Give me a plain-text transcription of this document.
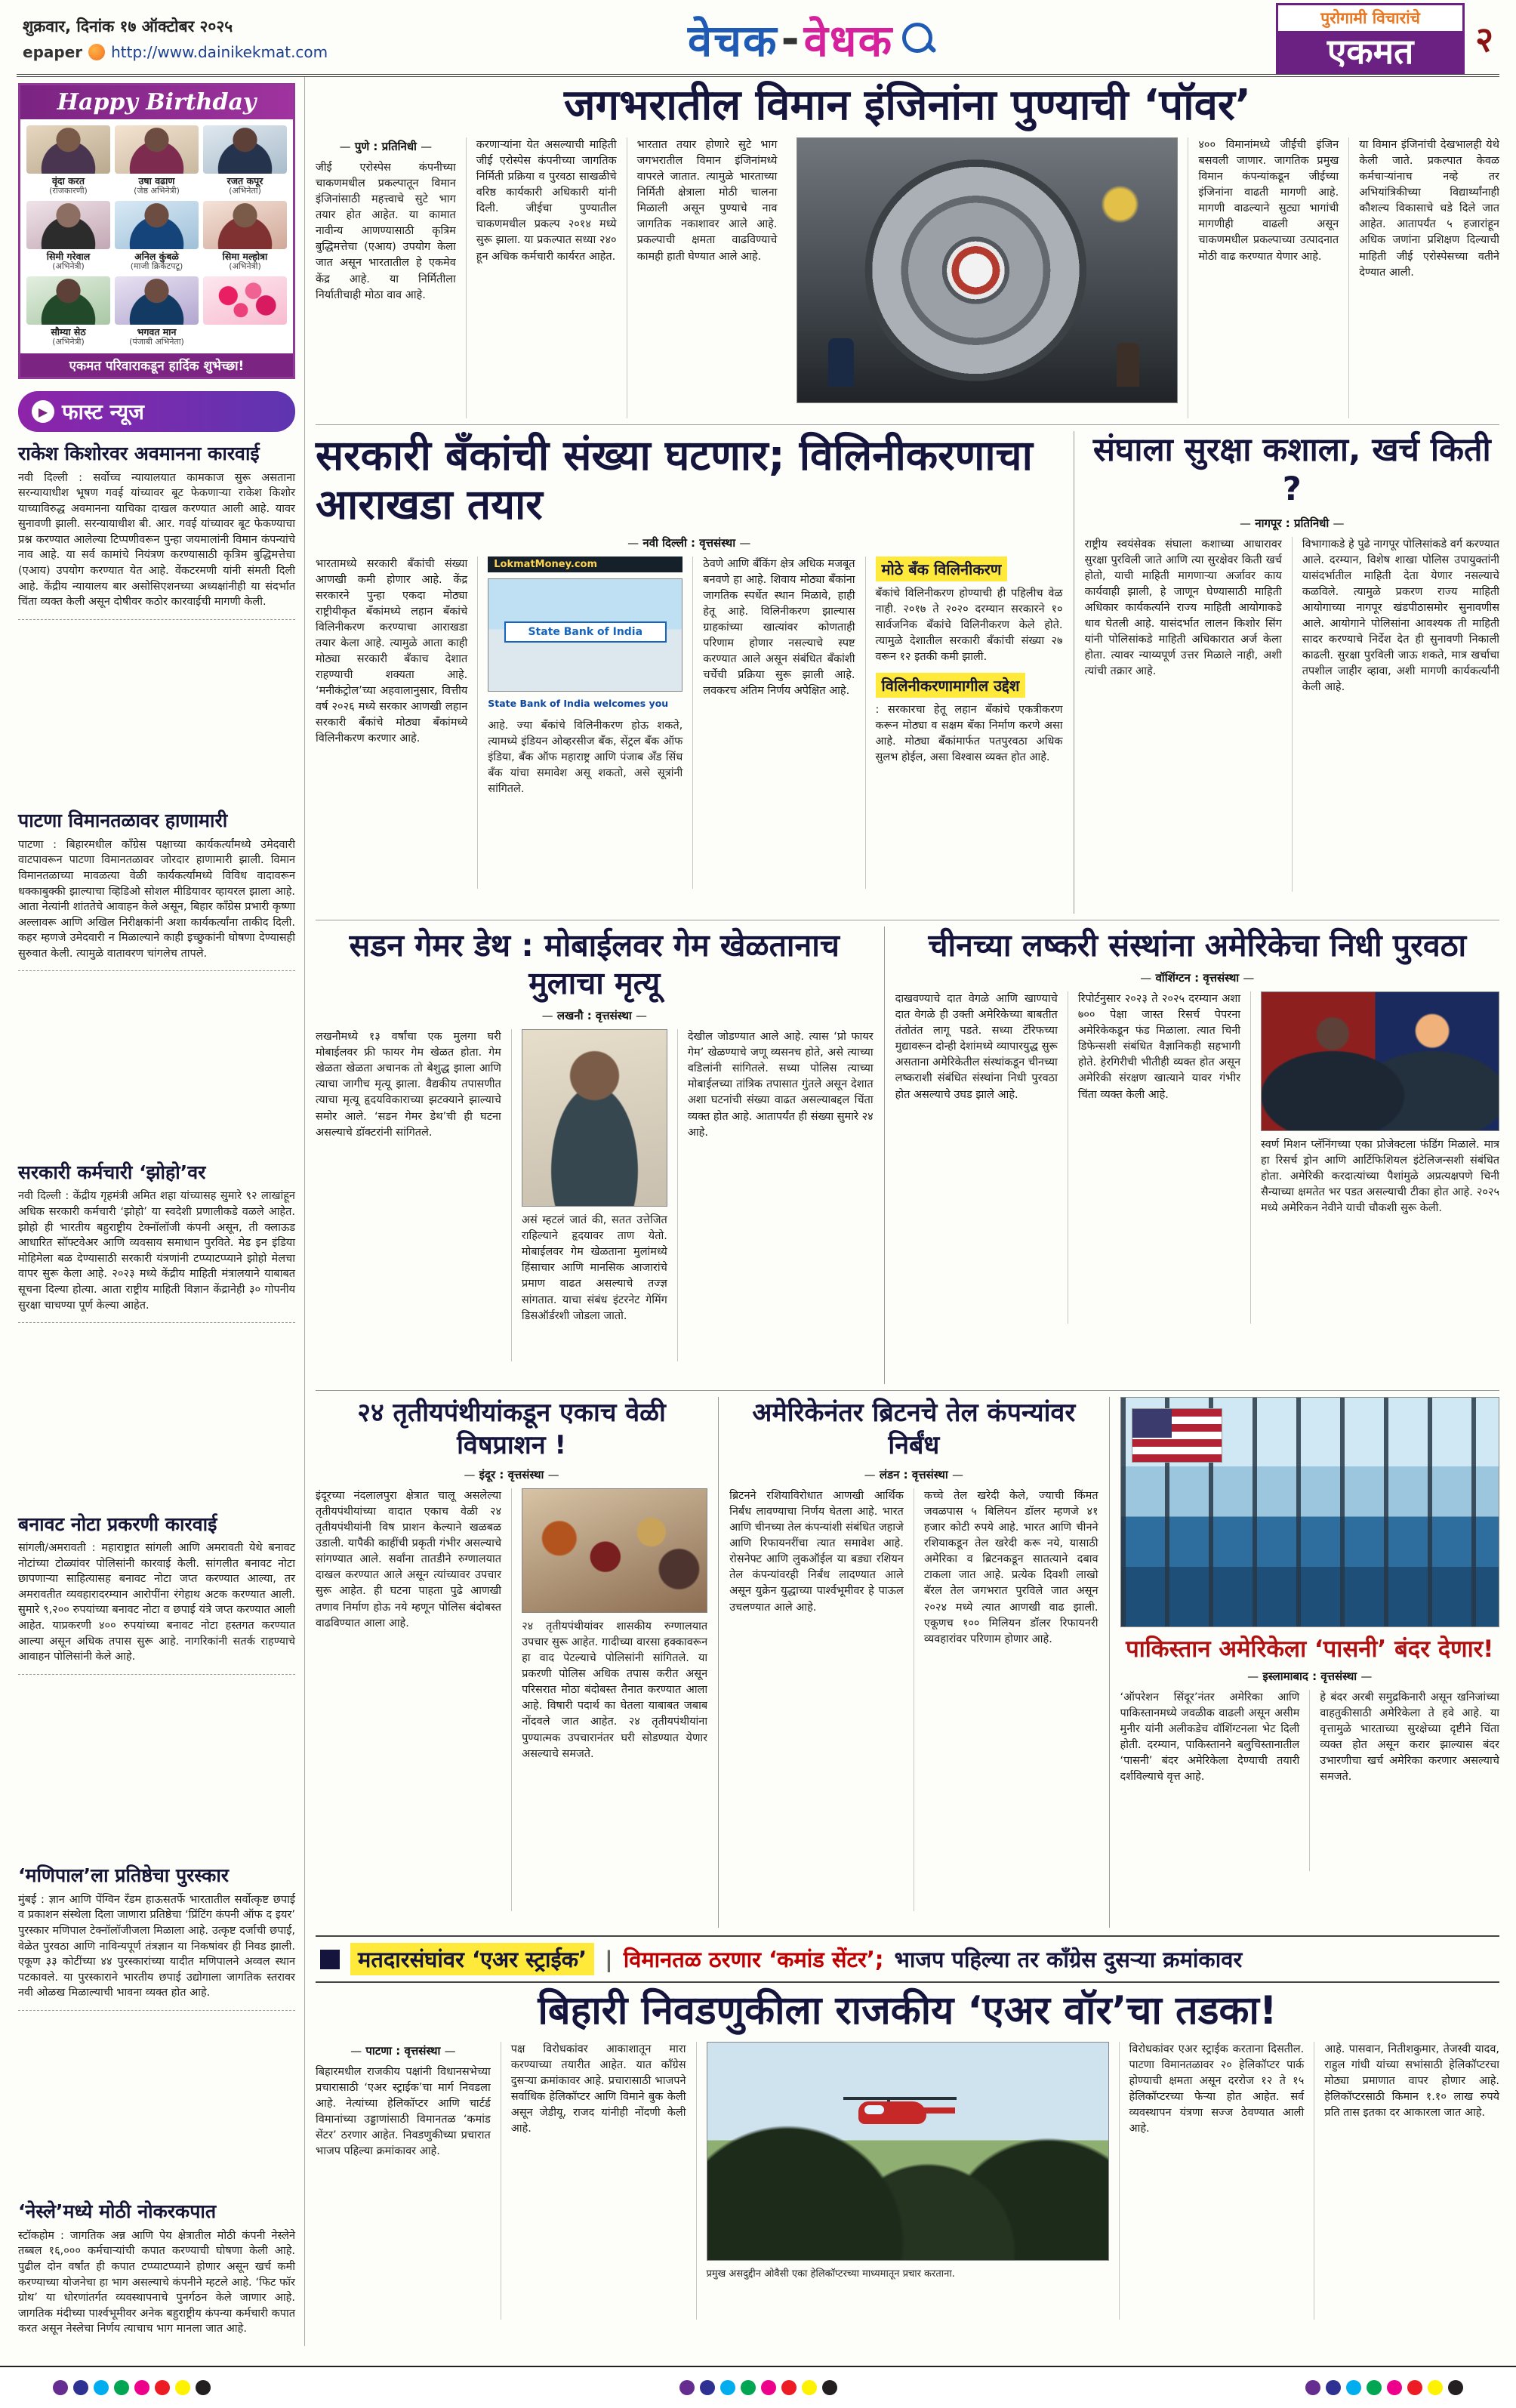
शुक्रवार, दिनांक १७ ऑक्टोबर २०२५
epaper http://www.dainikekmat.com	वेचक - वेधक	पुरोगामी विचारांचे
एकमत	२
Happy Birthday
वृंदा करत
(राजकारणी)
उषा वढाण
(जेष्ठ अभिनेत्री)
रजत कपूर
(अभिनेता)
सिमी गरेवाल
(अभिनेत्री)
अनिल कुंबळे
(माजी क्रिकेटपटू)
सिमा मल्होत्रा
(अभिनेत्री)
सौम्या सेठ
(अभिनेत्री)
भगवत मान
(पंजाबी अभिनेता)
एकमत परिवाराकडून हार्दिक शुभेच्छा!
▶ फास्ट न्यूज
राकेश किशोरवर अवमानना कारवाई

नवी दिल्ली : सर्वोच्च न्यायालयात कामकाज सुरू असताना सरन्यायाधीश भूषण गवई यांच्यावर बूट फेकणाऱ्या राकेश किशोर याच्याविरुद्ध अवमानना याचिका दाखल करण्यात आली आहे. यावर सुनावणी झाली. सरन्यायाधीश बी. आर. गवई यांच्यावर बूट फेकण्याचा प्रश्न करण्यात आलेल्या टिप्पणीवरून पुन्हा जयमालांनी विमान कंपन्यांचे नाव आहे. या सर्व कामांचे नियंत्रण करण्यासाठी कृत्रिम बुद्धिमत्तेचा (एआय) उपयोग करण्यात येत आहे. वेंकटरमणी यांनी संमती दिली आहे. केंद्रीय न्यायालय बार असोसिएशनच्या अध्यक्षांनीही या संदर्भात चिंता व्यक्त केली असून दोषीवर कठोर कारवाईची मागणी केली.

पाटणा विमानतळावर हाणामारी

पाटणा : बिहारमधील काँग्रेस पक्षाच्या कार्यकर्त्यांमध्ये उमेदवारी वाटपावरून पाटणा विमानतळावर जोरदार हाणामारी झाली. विमान विमानतळाच्या मावळत्या वेळी कार्यकर्त्यांमध्ये विविध वादावरून धक्काबुक्की झाल्याचा व्हिडिओ सोशल मीडियावर व्हायरल झाला आहे. आता नेत्यांनी शांततेचे आवाहन केले असून, बिहार काँग्रेस प्रभारी कृष्णा अल्लावरू आणि अखिल निरीक्षकांनी अशा कार्यकर्त्यांना ताकीद दिली. कहर म्हणजे उमेदवारी न मिळाल्याने काही इच्छुकांनी घोषणा देण्यासही सुरुवात केली. त्यामुळे वातावरण चांगलेच तापले.

सरकारी कर्मचारी ‘झोहो’वर

नवी दिल्ली : केंद्रीय गृहमंत्री अमित शहा यांच्यासह सुमारे ९२ लाखांहून अधिक सरकारी कर्मचारी ‘झोहो’ या स्वदेशी प्रणालीकडे वळले आहेत. झोहो ही भारतीय बहुराष्ट्रीय टेक्नॉलॉजी कंपनी असून, ती क्लाऊड आधारित सॉफ्टवेअर आणि व्यवसाय समाधान पुरविते. मेड इन इंडिया मोहिमेला बळ देण्यासाठी सरकारी यंत्रणांनी टप्प्याटप्प्याने झोहो मेलचा वापर सुरू केला आहे. २०२३ मध्ये केंद्रीय माहिती मंत्रालयाने याबाबत सूचना दिल्या होत्या. आता राष्ट्रीय माहिती विज्ञान केंद्रानेही ३० गोपनीय सुरक्षा चाचण्या पूर्ण केल्या आहेत.

बनावट नोटा प्रकरणी कारवाई

सांगली/अमरावती : महाराष्ट्रात सांगली आणि अमरावती येथे बनावट नोटांच्या टोळ्यांवर पोलिसांनी कारवाई केली. सांगलीत बनावट नोटा छापणाऱ्या साहित्यासह बनावट नोटा जप्त करण्यात आल्या, तर अमरावतीत व्यवहारादरम्यान आरोपींना रंगेहाथ अटक करण्यात आली. सुमारे ९,२०० रुपयांच्या बनावट नोटा व छपाई यंत्रे जप्त करण्यात आली आहेत. याप्रकरणी ४०० रुपयांच्या बनावट नोटा हस्तगत करण्यात आल्या असून अधिक तपास सुरू आहे. नागरिकांनी सतर्क राहण्याचे आवाहन पोलिसांनी केले आहे.

‘मणिपाल’ला प्रतिष्ठेचा पुरस्कार

मुंबई : ज्ञान आणि पेंग्विन रँडम हाऊसतर्फे भारतातील सर्वोत्कृष्ट छपाई व प्रकाशन संस्थेला दिला जाणारा प्रतिष्ठेचा ‘प्रिंटिंग कंपनी ऑफ द इयर’ पुरस्कार मणिपाल टेक्नॉलॉजीजला मिळाला आहे. उत्कृष्ट दर्जाची छपाई, वेळेत पुरवठा आणि नाविन्यपूर्ण तंत्रज्ञान या निकषांवर ही निवड झाली. एकूण ३३ कोटींच्या ४४ पुरस्कारांच्या यादीत मणिपालने अव्वल स्थान पटकावले. या पुरस्काराने भारतीय छपाई उद्योगाला जागतिक स्तरावर नवी ओळख मिळाल्याची भावना व्यक्त होत आहे.

‘नेस्ले’मध्ये मोठी नोकरकपात

स्टॉकहोम : जागतिक अन्न आणि पेय क्षेत्रातील मोठी कंपनी नेस्लेने तब्बल १६,००० कर्मचाऱ्यांची कपात करण्याची घोषणा केली आहे. पुढील दोन वर्षांत ही कपात टप्प्याटप्प्याने होणार असून खर्च कमी करण्याच्या योजनेचा हा भाग असल्याचे कंपनीने म्हटले आहे. ‘फिट फॉर ग्रोथ’ या धोरणांतर्गत व्यवस्थापनाचे पुनर्गठन केले जाणार आहे. जागतिक मंदीच्या पार्श्वभूमीवर अनेक बहुराष्ट्रीय कंपन्या कर्मचारी कपात करत असून नेस्लेचा निर्णय त्याचाच भाग मानला जात आहे.

जगभरातील विमान इंजिनांना पुण्याची ‘पॉवर’
— पुणे : प्रतिनिधी —

जीई एरोस्पेस कंपनीच्या चाकणमधील प्रकल्पातून विमान इंजिनांसाठी महत्त्वाचे सुटे भाग तयार होत आहेत. या कामात नावीन्य आणण्यासाठी कृत्रिम बुद्धिमत्तेचा (एआय) उपयोग केला जात असून भारतातील हे एकमेव केंद्र आहे. या निर्मितीला निर्यातीचाही मोठा वाव आहे.

करणाऱ्यांना येत असल्याची माहिती जीई एरोस्पेस कंपनीच्या जागतिक निर्मिती प्रक्रिया व पुरवठा साखळीचे वरिष्ठ कार्यकारी अधिकारी यांनी दिली. जीईचा पुण्यातील चाकणमधील प्रकल्प २०१४ मध्ये सुरू झाला. या प्रकल्पात सध्या २४० हून अधिक कर्मचारी कार्यरत आहेत.

भारतात तयार होणारे सुटे भाग जगभरातील विमान इंजिनांमध्ये वापरले जातात. त्यामुळे भारताच्या निर्मिती क्षेत्राला मोठी चालना मिळाली असून पुण्याचे नाव जागतिक नकाशावर आले आहे. प्रकल्पाची क्षमता वाढविण्याचे कामही हाती घेण्यात आले आहे.

४०० विमानांमध्ये जीईची इंजिन बसवली जाणार. जागतिक प्रमुख विमान कंपन्यांकडून जीईच्या इंजिनांना वाढती मागणी आहे. मागणी वाढल्याने सुट्या भागांची मागणीही वाढली असून चाकणमधील प्रकल्पाच्या उत्पादनात मोठी वाढ करण्यात येणार आहे.

या विमान इंजिनांची देखभालही येथे केली जाते. प्रकल्पात केवळ कर्मचाऱ्यांनाच नव्हे तर अभियांत्रिकीच्या विद्यार्थ्यांनाही कौशल्य विकासाचे धडे दिले जात आहेत. आतापर्यंत ५ हजारांहून अधिक जणांना प्रशिक्षण दिल्याची माहिती जीई एरोस्पेसच्या वतीने देण्यात आली.

सरकारी बँकांची संख्या घटणार; विलिनीकरणाचा आराखडा तयार
— नवी दिल्ली : वृत्तसंस्था —

भारतामध्ये सरकारी बँकांची संख्या आणखी कमी होणार आहे. केंद्र सरकारने पुन्हा एकदा मोठ्या राष्ट्रीयीकृत बँकांमध्ये लहान बँकांचे विलिनीकरण करण्याचा आराखडा तयार केला आहे. त्यामुळे आता काही मोठ्या सरकारी बँकाच देशात राहण्याची शक्यता आहे. ‘मनीकंट्रोल’च्या अहवालानुसार, वित्तीय वर्ष २०२६ मध्ये सरकार आणखी लहान सरकारी बँकांचे मोठ्या बँकांमध्ये विलिनीकरण करणार आहे.

LokmatMoney.com
State Bank of India
State Bank of India welcomes you

आहे. ज्या बँकांचे विलिनीकरण होऊ शकते, त्यामध्ये इंडियन ओव्हरसीज बँक, सेंट्रल बँक ऑफ इंडिया, बँक ऑफ महाराष्ट्र आणि पंजाब अँड सिंध बँक यांचा समावेश असू शकतो, असे सूत्रांनी सांगितले.

ठेवणे आणि बँकिंग क्षेत्र अधिक मजबूत बनवणे हा आहे. शिवाय मोठ्या बँकांना जागतिक स्पर्धेत स्थान मिळावे, हाही हेतू आहे. विलिनीकरण झाल्यास ग्राहकांच्या खात्यांवर कोणताही परिणाम होणार नसल्याचे स्पष्ट करण्यात आले असून संबंधित बँकांशी चर्चेची प्रक्रिया सुरू झाली आहे. लवकरच अंतिम निर्णय अपेक्षित आहे.

मोठे बँक विलिनीकरण

बँकांचे विलिनीकरण होण्याची ही पहिलीच वेळ नाही. २०१७ ते २०२० दरम्यान सरकारने १० सार्वजनिक बँकांचे विलिनीकरण केले होते. त्यामुळे देशातील सरकारी बँकांची संख्या २७ वरून १२ इतकी कमी झाली.

विलिनीकरणामागील उद्देश

: सरकारचा हेतू लहान बँकांचे एकत्रीकरण करून मोठ्या व सक्षम बँका निर्माण करणे असा आहे. मोठ्या बँकांमार्फत पतपुरवठा अधिक सुलभ होईल, असा विश्वास व्यक्त होत आहे.

संघाला सुरक्षा कशाला, खर्च किती ?
— नागपूर : प्रतिनिधी —

राष्ट्रीय स्वयंसेवक संघाला कशाच्या आधारावर सुरक्षा पुरविली जाते आणि त्या सुरक्षेवर किती खर्च होतो, याची माहिती मागणाऱ्या अर्जावर काय कार्यवाही झाली, हे जाणून घेण्यासाठी माहिती अधिकार कार्यकर्त्याने राज्य माहिती आयोगाकडे धाव घेतली आहे. यासंदर्भात लालन किशोर सिंग यांनी पोलिसांकडे माहिती अधिकारात अर्ज केला होता. त्यावर न्याय्यपूर्ण उत्तर मिळाले नाही, अशी त्यांची तक्रार आहे.

विभागाकडे हे पुढे नागपूर पोलिसांकडे वर्ग करण्यात आले. दरम्यान, विशेष शाखा पोलिस उपायुक्तांनी यासंदर्भातील माहिती देता येणार नसल्याचे कळविले. त्यामुळे प्रकरण राज्य माहिती आयोगाच्या नागपूर खंडपीठासमोर सुनावणीस आले. आयोगाने पोलिसांना आवश्यक ती माहिती सादर करण्याचे निर्देश देत ही सुनावणी निकाली काढली. सुरक्षा पुरविली जाऊ शकते, मात्र खर्चाचा तपशील जाहीर व्हावा, अशी मागणी कार्यकर्त्यांनी केली आहे.

सडन गेमर डेथ : मोबाईलवर गेम खेळतानाच मुलाचा मृत्यू
— लखनौ : वृत्तसंस्था —

लखनौमध्ये १३ वर्षांचा एक मुलगा घरी मोबाईलवर फ्री फायर गेम खेळत होता. गेम खेळता खेळता अचानक तो बेशुद्ध झाला आणि त्याचा जागीच मृत्यू झाला. वैद्यकीय तपासणीत त्याचा मृत्यू हृदयविकाराच्या झटक्याने झाल्याचे समोर आले. ‘सडन गेमर डेथ’ची ही घटना असल्याचे डॉक्टरांनी सांगितले.

असं म्हटलं जातं की, सतत उत्तेजित राहिल्याने हृदयावर ताण येतो. मोबाईलवर गेम खेळताना मुलांमध्ये हिंसाचार आणि मानसिक आजारांचे प्रमाण वाढत असल्याचे तज्ज्ञ सांगतात. याचा संबंध इंटरनेट गेमिंग डिसऑर्डरशी जोडला जातो.

देखील जोडण्यात आले आहे. त्यास ‘प्रो फायर गेम’ खेळण्याचे जणू व्यसनच होते, असे त्याच्या वडिलांनी सांगितले. सध्या पोलिस त्याच्या मोबाईलच्या तांत्रिक तपासात गुंतले असून देशात अशा घटनांची संख्या वाढत असल्याबद्दल चिंता व्यक्त होत आहे. आतापर्यंत ही संख्या सुमारे २४ आहे.

चीनच्या लष्करी संस्थांना अमेरिकेचा निधी पुरवठा
— वॉशिंग्टन : वृत्तसंस्था —

दाखवण्याचे दात वेगळे आणि खाण्याचे दात वेगळे ही उक्ती अमेरिकेच्या बाबतीत तंतोतंत लागू पडते. सध्या टॅरिफच्या मुद्यावरून दोन्ही देशांमध्ये व्यापारयुद्ध सुरू असताना अमेरिकेतील संस्थांकडून चीनच्या लष्कराशी संबंधित संस्थांना निधी पुरवठा होत असल्याचे उघड झाले आहे.

रिपोर्टनुसार २०२३ ते २०२५ दरम्यान अशा ७०० पेक्षा जास्त रिसर्च पेपरना अमेरिकेकडून फंड मिळाला. त्यात चिनी डिफेन्सशी संबंधित वैज्ञानिकही सहभागी होते. हेरगिरीची भीतीही व्यक्त होत असून अमेरिकी संरक्षण खात्याने यावर गंभीर चिंता व्यक्त केली आहे.

स्वर्ण मिशन प्लॅनिंगच्या एका प्रोजेक्टला फंडिंग मिळाले. मात्र हा रिसर्च ड्रोन आणि आर्टिफिशियल इंटेलिजन्सशी संबंधित होता. अमेरिकी करदात्यांच्या पैशांमुळे अप्रत्यक्षपणे चिनी सैन्याच्या क्षमतेत भर पडत असल्याची टीका होत आहे. २०२५ मध्ये अमेरिकन नेवीने याची चौकशी सुरू केली.

२४ तृतीयपंथीयांकडून एकाच वेळी विषप्राशन !
— इंदूर : वृत्तसंस्था —

इंदूरच्या नंदलालपुरा क्षेत्रात चालू असलेल्या तृतीयपंथीयांच्या वादात एकाच वेळी २४ तृतीयपंथीयांनी विष प्राशन केल्याने खळबळ उडाली. यापैकी काहींची प्रकृती गंभीर असल्याचे सांगण्यात आले. सर्वांना तातडीने रुग्णालयात दाखल करण्यात आले असून त्यांच्यावर उपचार सुरू आहेत. ही घटना पाहता पुढे आणखी तणाव निर्माण होऊ नये म्हणून पोलिस बंदोबस्त वाढविण्यात आला आहे.	२४ तृतीयपंथीयांवर शासकीय रुग्णालयात उपचार सुरू आहेत. गादीच्या वारसा हक्कावरून हा वाद पेटल्याचे पोलिसांनी सांगितले. या प्रकरणी पोलिस अधिक तपास करीत असून परिसरात मोठा बंदोबस्त तैनात करण्यात आला आहे. विषारी पदार्थ का घेतला याबाबत जबाब नोंदवले जात आहेत. २४ तृतीयपंथीयांना पुण्यात्मक उपचारानंतर घरी सोडण्यात येणार असल्याचे समजते.

अमेरिकेनंतर ब्रिटनचे तेल कंपन्यांवर निर्बंध
— लंडन : वृत्तसंस्था —

ब्रिटनने रशियाविरोधात आणखी आर्थिक निर्बंध लावण्याचा निर्णय घेतला आहे. भारत आणि चीनच्या तेल कंपन्यांशी संबंधित जहाजे आणि रिफायनरींचा त्यात समावेश आहे. रोसनेफ्ट आणि लुकऑईल या बड्या रशियन तेल कंपन्यांवरही निर्बंध लादण्यात आले असून युक्रेन युद्धाच्या पार्श्वभूमीवर हे पाऊल उचलण्यात आले आहे.

कच्चे तेल खरेदी केले, ज्याची किंमत जवळपास ५ बिलियन डॉलर म्हणजे ४१ हजार कोटी रुपये आहे. भारत आणि चीनने रशियाकडून तेल खरेदी करू नये, यासाठी अमेरिका व ब्रिटनकडून सातत्याने दबाव टाकला जात आहे. प्रत्येक दिवशी लाखो बॅरल तेल जगभरात पुरविले जात असून २०२४ मध्ये त्यात आणखी वाढ झाली. एकूणच १०० मिलियन डॉलर रिफायनरी व्यवहारांवर परिणाम होणार आहे.	पाकिस्तान अमेरिकेला ‘पासनी’ बंदर देणार!
— इस्लामाबाद : वृत्तसंस्था —

‘ऑपरेशन सिंदूर’नंतर अमेरिका आणि पाकिस्तानमध्ये जवळीक वाढली असून असीम मुनीर यांनी अलीकडेच वॉशिंग्टनला भेट दिली होती. दरम्यान, पाकिस्तानने बलुचिस्तानातील ‘पासनी’ बंदर अमेरिकेला देण्याची तयारी दर्शविल्याचे वृत्त आहे.

हे बंदर अरबी समुद्रकिनारी असून खनिजांच्या वाहतुकीसाठी अमेरिकेला ते हवे आहे. या वृत्तामुळे भारताच्या सुरक्षेच्या दृष्टीने चिंता व्यक्त होत असून करार झाल्यास बंदर उभारणीचा खर्च अमेरिका करणार असल्याचे समजते.

मतदारसंघांवर ‘एअर स्ट्राईक’ | विमानतळ ठरणार ‘कमांड सेंटर’; भाजप पहिल्या तर काँग्रेस दुसऱ्या क्रमांकावर
बिहारी निवडणुकीला राजकीय ‘एअर वॉर’चा तडका!
— पाटणा : वृत्तसंस्था —

बिहारमधील राजकीय पक्षांनी विधानसभेच्या प्रचारासाठी ‘एअर स्ट्राईक’चा मार्ग निवडला आहे. नेत्यांच्या हेलिकॉप्टर आणि चार्टर्ड विमानांच्या उड्डाणांसाठी विमानतळ ‘कमांड सेंटर’ ठरणार आहेत. निवडणुकीच्या प्रचारात भाजप पहिल्या क्रमांकावर आहे.

पक्ष विरोधकांवर आकाशातून मारा करण्याच्या तयारीत आहेत. यात काँग्रेस दुसऱ्या क्रमांकावर आहे. प्रचारासाठी भाजपने सर्वाधिक हेलिकॉप्टर आणि विमाने बुक केली असून जेडीयू, राजद यांनीही नोंदणी केली आहे.

प्रमुख असदुद्दीन ओवैसी एका हेलिकॉप्टरच्या माध्यमातून प्रचार करताना.

विरोधकांवर एअर स्ट्राईक करताना दिसतील. पाटणा विमानतळावर २० हेलिकॉप्टर पार्क होण्याची क्षमता असून दररोज १२ ते १५ हेलिकॉप्टरच्या फेऱ्या होत आहेत. सर्व व्यवस्थापन यंत्रणा सज्ज ठेवण्यात आली आहे.

आहे. पासवान, नितीशकुमार, तेजस्वी यादव, राहुल गांधी यांच्या सभांसाठी हेलिकॉप्टरचा मोठ्या प्रमाणात वापर होणार आहे. हेलिकॉप्टरसाठी किमान १.१० लाख रुपये प्रति तास इतका दर आकारला जात आहे.
